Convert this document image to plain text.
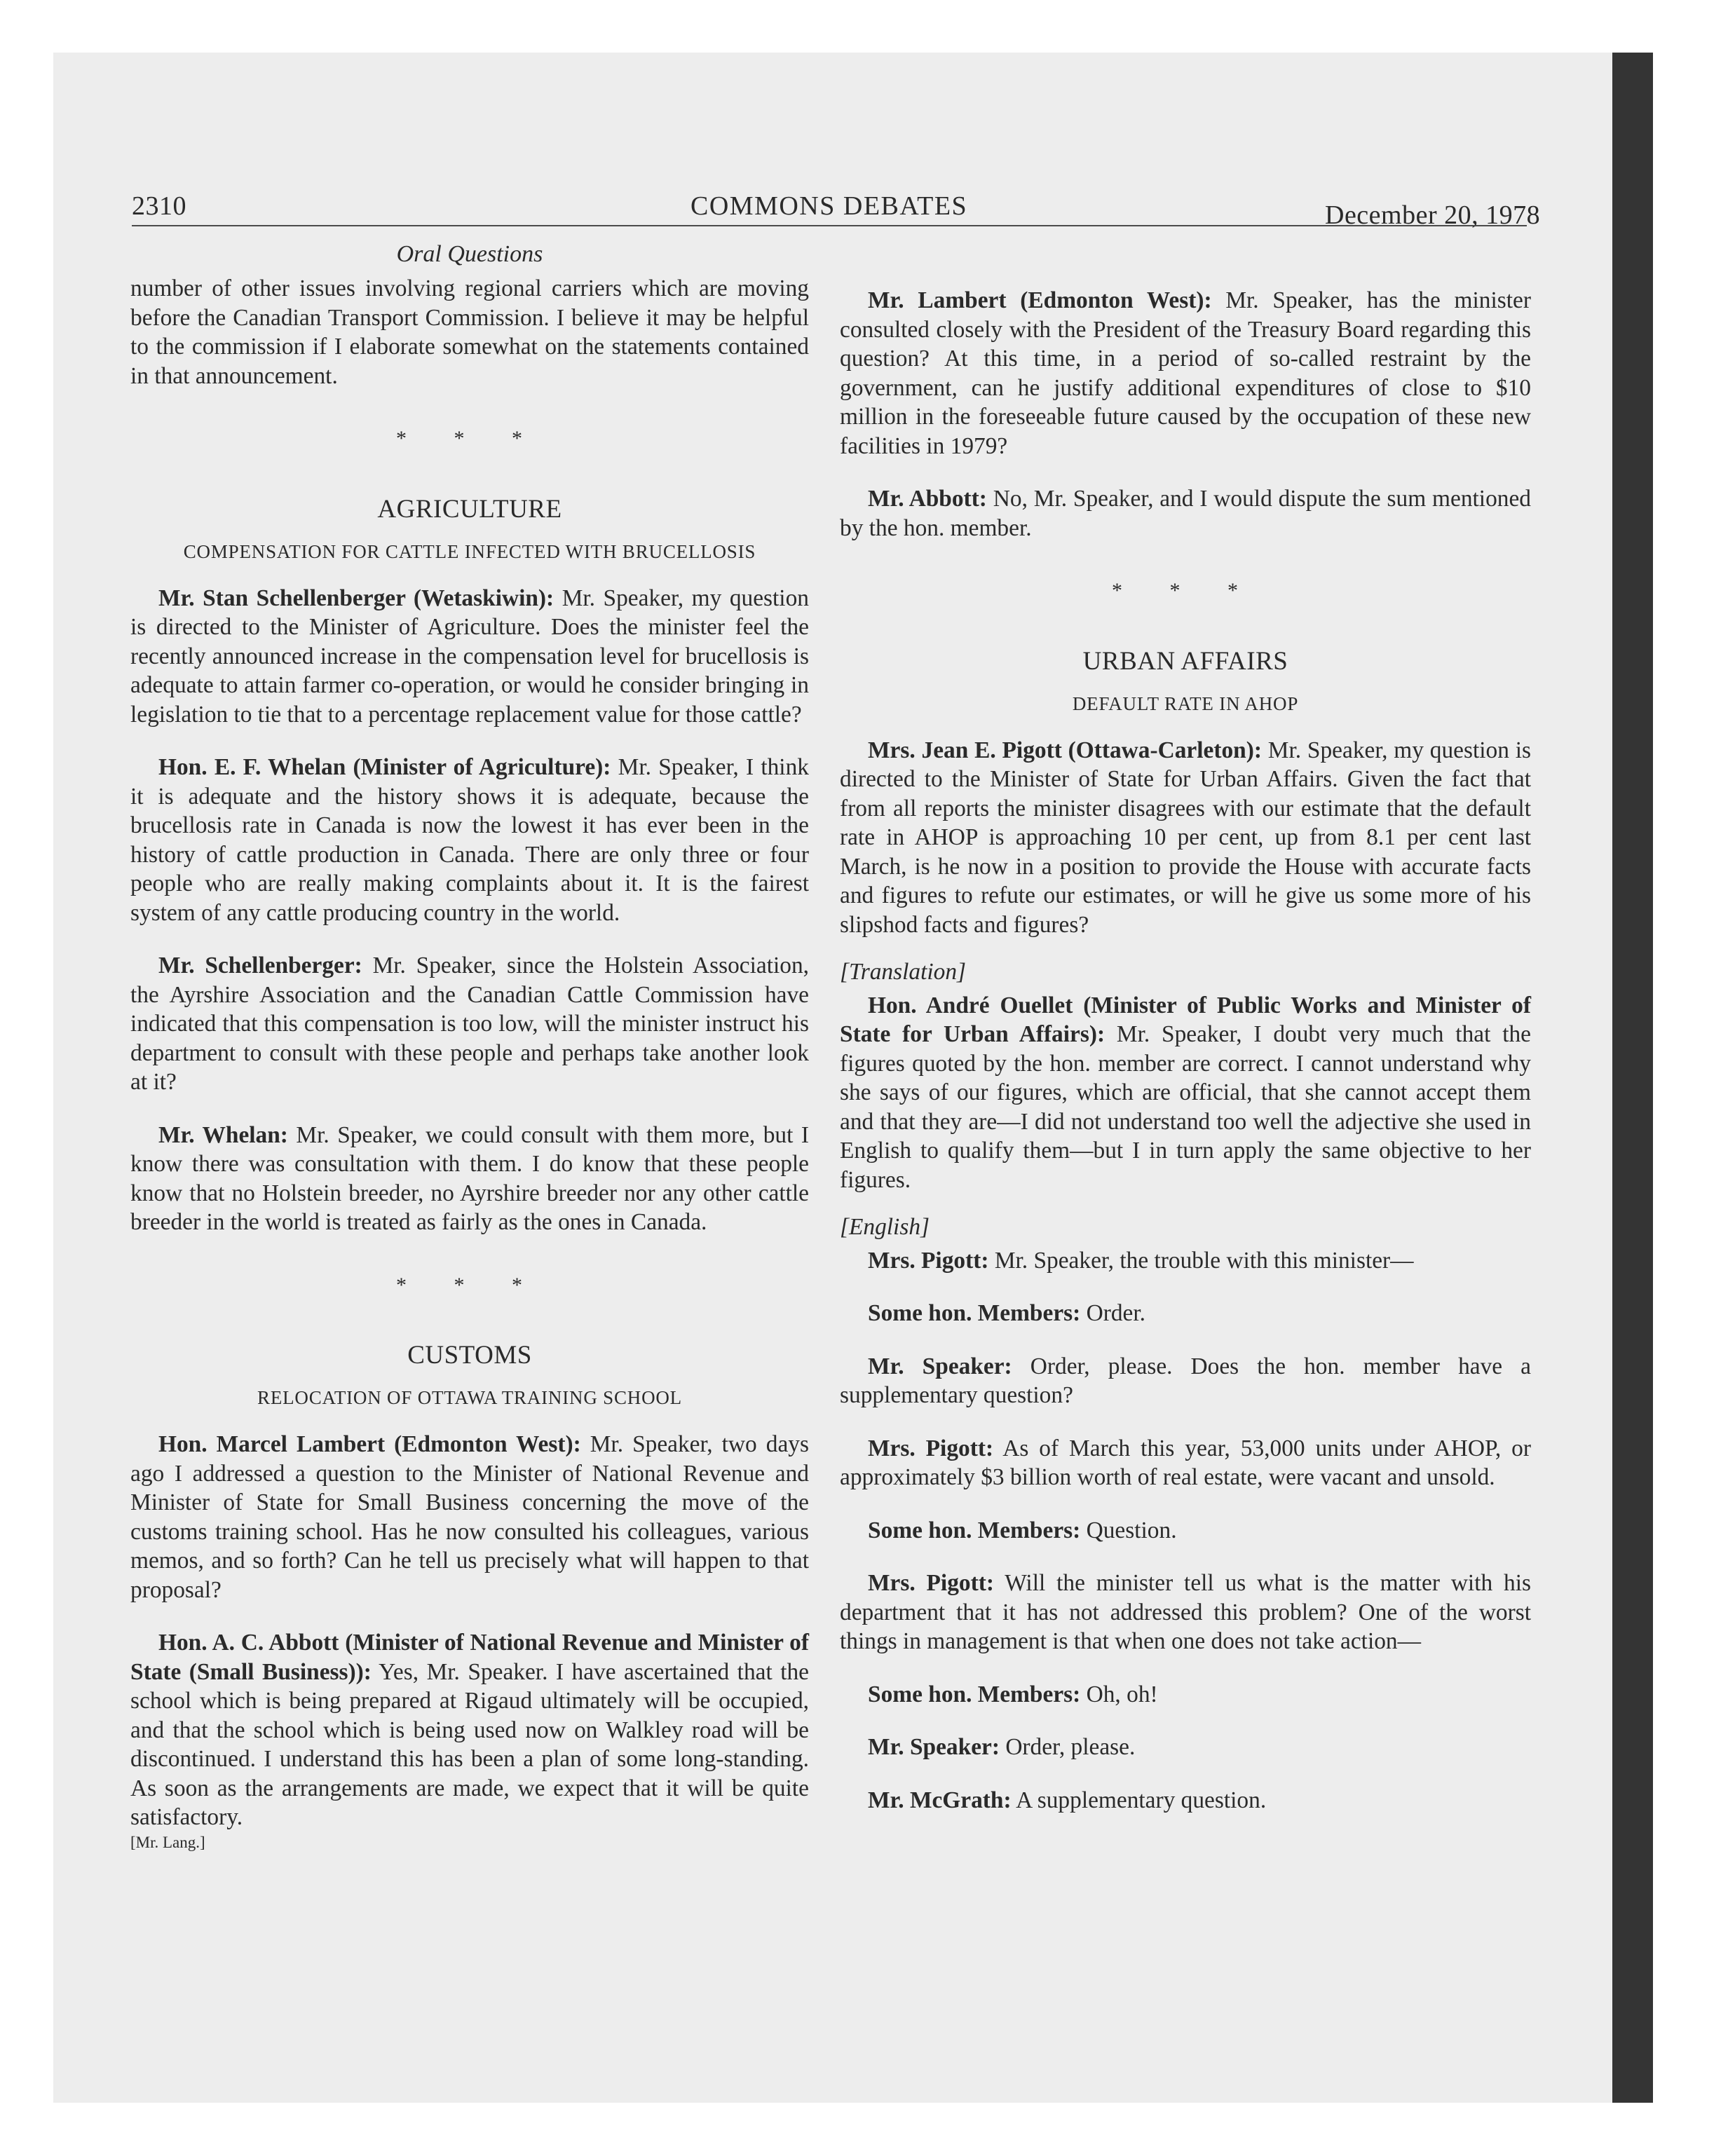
2310	COMMONS DEBATES	December 20, 1978
Oral Questions

number of other issues involving regional carriers which are moving before the Canadian Transport Commission. I believe it may be helpful to the commission if I elaborate somewhat on the statements contained in that announcement.

* * *
AGRICULTURE
COMPENSATION FOR CATTLE INFECTED WITH BRUCELLOSIS

Mr. Stan Schellenberger (Wetaskiwin): Mr. Speaker, my question is directed to the Minister of Agriculture. Does the minister feel the recently announced increase in the compensation level for brucellosis is adequate to attain farmer co-operation, or would he consider bringing in legislation to tie that to a percentage replacement value for those cattle?

Hon. E. F. Whelan (Minister of Agriculture): Mr. Speaker, I think it is adequate and the history shows it is adequate, because the brucellosis rate in Canada is now the lowest it has ever been in the history of cattle production in Canada. There are only three or four people who are really making complaints about it. It is the fairest system of any cattle producing country in the world.

Mr. Schellenberger: Mr. Speaker, since the Holstein Association, the Ayrshire Association and the Canadian Cattle Commission have indicated that this compensation is too low, will the minister instruct his department to consult with these people and perhaps take another look at it?

Mr. Whelan: Mr. Speaker, we could consult with them more, but I know there was consultation with them. I do know that these people know that no Holstein breeder, no Ayrshire breeder nor any other cattle breeder in the world is treated as fairly as the ones in Canada.

* * *
CUSTOMS
RELOCATION OF OTTAWA TRAINING SCHOOL

Hon. Marcel Lambert (Edmonton West): Mr. Speaker, two days ago I addressed a question to the Minister of National Revenue and Minister of State for Small Business concerning the move of the customs training school. Has he now consulted his colleagues, various memos, and so forth? Can he tell us precisely what will happen to that proposal?

Hon. A. C. Abbott (Minister of National Revenue and Minister of State (Small Business)): Yes, Mr. Speaker. I have ascertained that the school which is being prepared at Rigaud ultimately will be occupied, and that the school which is being used now on Walkley road will be discontinued. I understand this has been a plan of some long-standing. As soon as the arrangements are made, we expect that it will be quite satisfactory.

[Mr. Lang.]

Mr. Lambert (Edmonton West): Mr. Speaker, has the minister consulted closely with the President of the Treasury Board regarding this question? At this time, in a period of so-called restraint by the government, can he justify additional expenditures of close to $10 million in the foreseeable future caused by the occupation of these new facilities in 1979?

Mr. Abbott: No, Mr. Speaker, and I would dispute the sum mentioned by the hon. member.

* * *
URBAN AFFAIRS
DEFAULT RATE IN AHOP

Mrs. Jean E. Pigott (Ottawa-Carleton): Mr. Speaker, my question is directed to the Minister of State for Urban Affairs. Given the fact that from all reports the minister disagrees with our estimate that the default rate in AHOP is approaching 10 per cent, up from 8.1 per cent last March, is he now in a position to provide the House with accurate facts and figures to refute our estimates, or will he give us some more of his slipshod facts and figures?

[Translation]

Hon. André Ouellet (Minister of Public Works and Minister of State for Urban Affairs): Mr. Speaker, I doubt very much that the figures quoted by the hon. member are correct. I cannot understand why she says of our figures, which are official, that she cannot accept them and that they are—I did not understand too well the adjective she used in English to qualify them—but I in turn apply the same objective to her figures.

[English]

Mrs. Pigott: Mr. Speaker, the trouble with this minister—

Some hon. Members: Order.

Mr. Speaker: Order, please. Does the hon. member have a supplementary question?

Mrs. Pigott: As of March this year, 53,000 units under AHOP, or approximately $3 billion worth of real estate, were vacant and unsold.

Some hon. Members: Question.

Mrs. Pigott: Will the minister tell us what is the matter with his department that it has not addressed this problem? One of the worst things in management is that when one does not take action—

Some hon. Members: Oh, oh!

Mr. Speaker: Order, please.

Mr. McGrath: A supplementary question.
